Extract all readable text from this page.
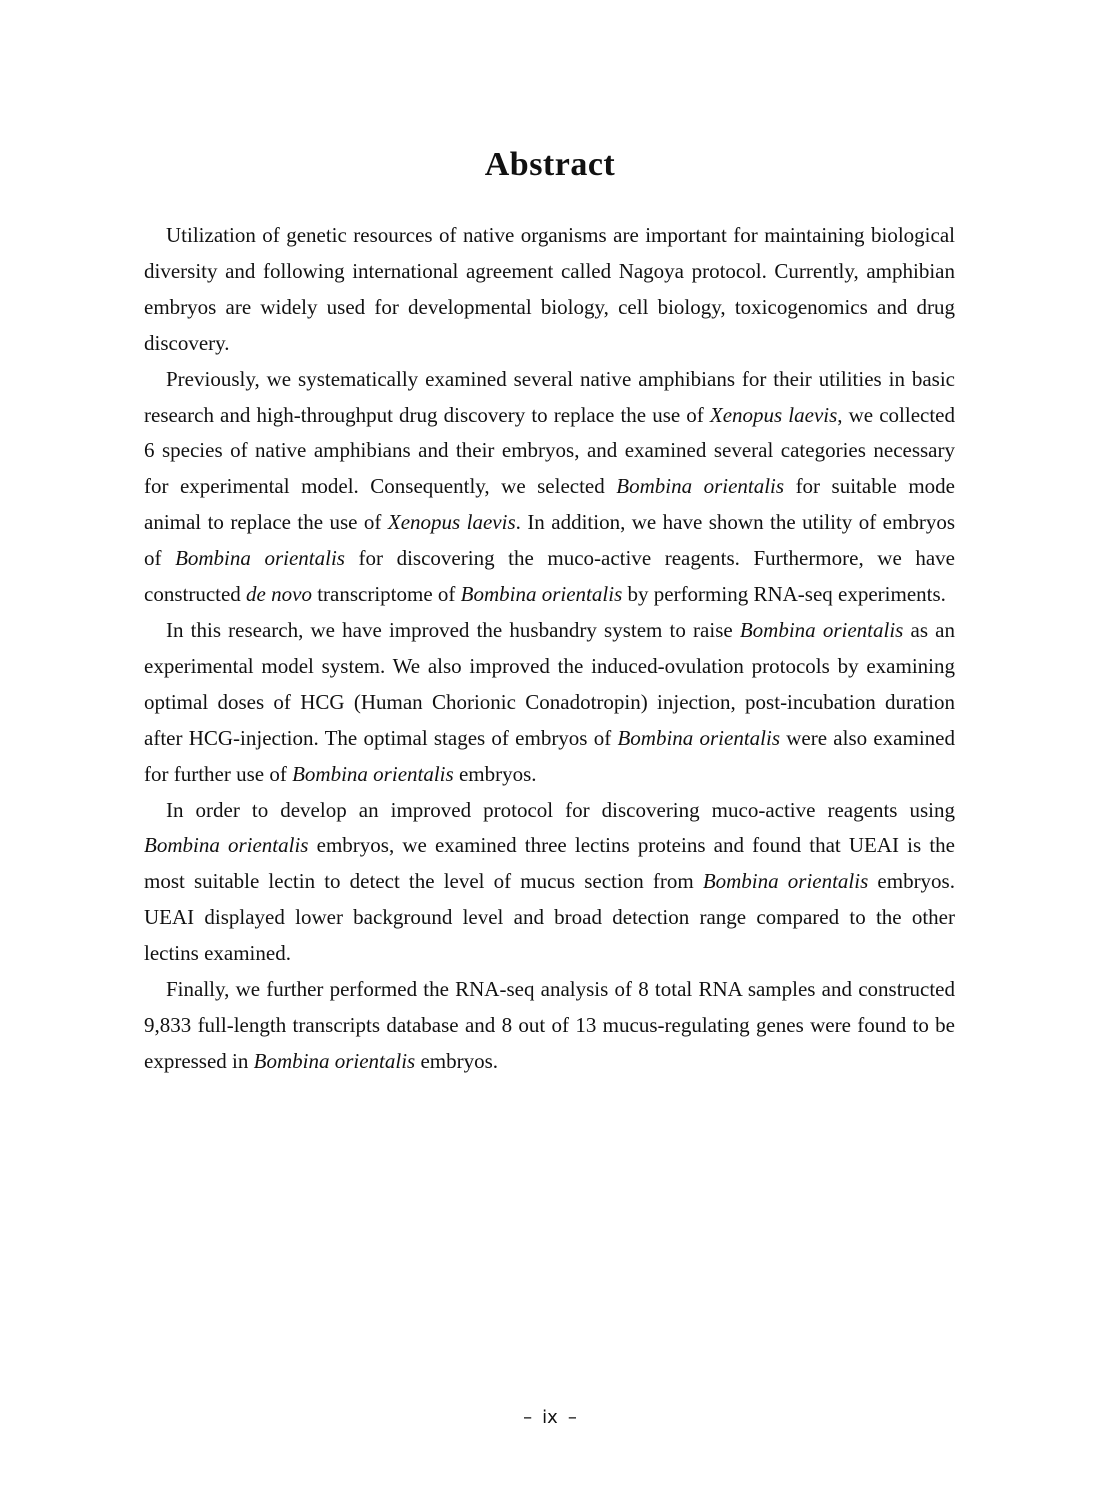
Abstract

Utilization of genetic resources of native organisms are important for maintaining biological diversity and following international agreement called Nagoya protocol. Currently, amphibian embryos are widely used for developmental biology, cell biology, toxicogenomics and drug discovery.

Previously, we systematically examined several native amphibians for their utilities in basic research and high-throughput drug discovery to replace the use of Xenopus laevis, we collected 6 species of native amphibians and their embryos, and examined several categories necessary for experimental model. Consequently, we selected Bombina orientalis for suitable mode animal to replace the use of Xenopus laevis. In addition, we have shown the utility of embryos of Bombina orientalis for discovering the muco-active reagents. Furthermore, we have constructed de novo transcriptome of Bombina orientalis by performing RNA-seq experiments.

In this research, we have improved the husbandry system to raise Bombina orientalis as an experimental model system. We also improved the induced-ovulation protocols by examining optimal doses of HCG (Human Chorionic Conadotropin) injection, post-incubation duration after HCG-injection. The optimal stages of embryos of Bombina orientalis were also examined for further use of Bombina orientalis embryos.

In order to develop an improved protocol for discovering muco-active reagents using Bombina orientalis embryos, we examined three lectins proteins and found that UEAI is the most suitable lectin to detect the level of mucus section from Bombina orientalis embryos. UEAI displayed lower background level and broad detection range compared to the other lectins examined.

Finally, we further performed the RNA-seq analysis of 8 total RNA samples and constructed 9,833 full-length transcripts database and 8 out of 13 mucus-regulating genes were found to be expressed in Bombina orientalis embryos.

– ix –
